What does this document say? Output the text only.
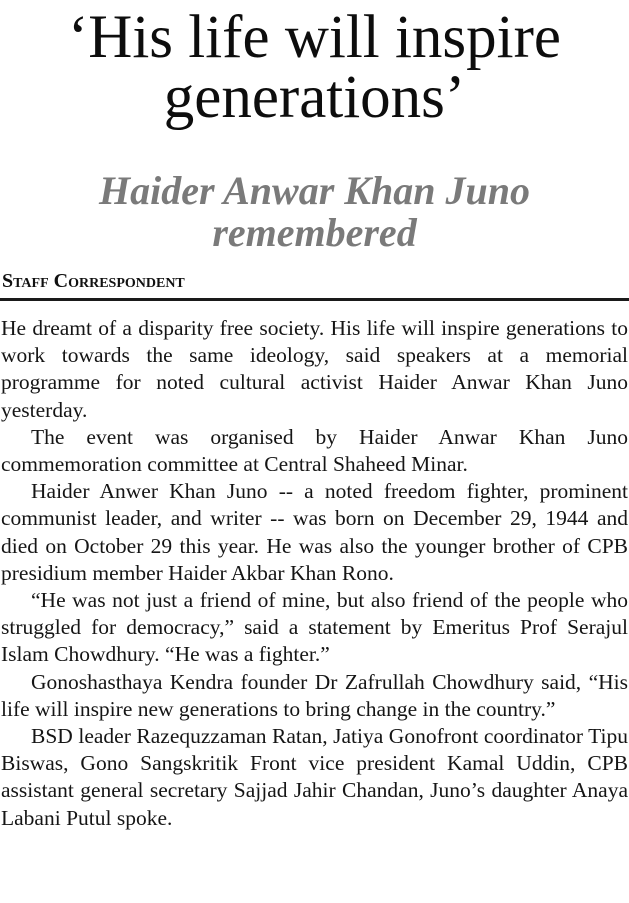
‘His life will inspire
generations’
Haider Anwar Khan Juno
remembered
Staff Correspondent

He dreamt of a disparity free society. His life will inspire generations to work towards the same ideology, said speakers at a memorial programme for noted cultural activist Haider Anwar Khan Juno yesterday.

The event was organised by Haider Anwar Khan Juno commemoration committee at Central Shaheed Minar.

Haider Anwer Khan Juno -- a noted freedom fighter, prominent communist leader, and writer -- was born on December 29, 1944 and died on October 29 this year. He was also the younger brother of CPB presidium member Haider Akbar Khan Rono.

“He was not just a friend of mine, but also friend of the people who struggled for democracy,” said a statement by Emeritus Prof Serajul Islam Chowdhury. “He was a fighter.”

Gonoshasthaya Kendra founder Dr Zafrullah Chowdhury said, “His life will inspire new generations to bring change in the country.”

BSD leader Razequzzaman Ratan, Jatiya Gonofront coordinator Tipu Biswas, Gono Sangskritik Front vice president Kamal Uddin, CPB assistant general secretary Sajjad Jahir Chandan, Juno’s daughter Anaya Labani Putul spoke.
